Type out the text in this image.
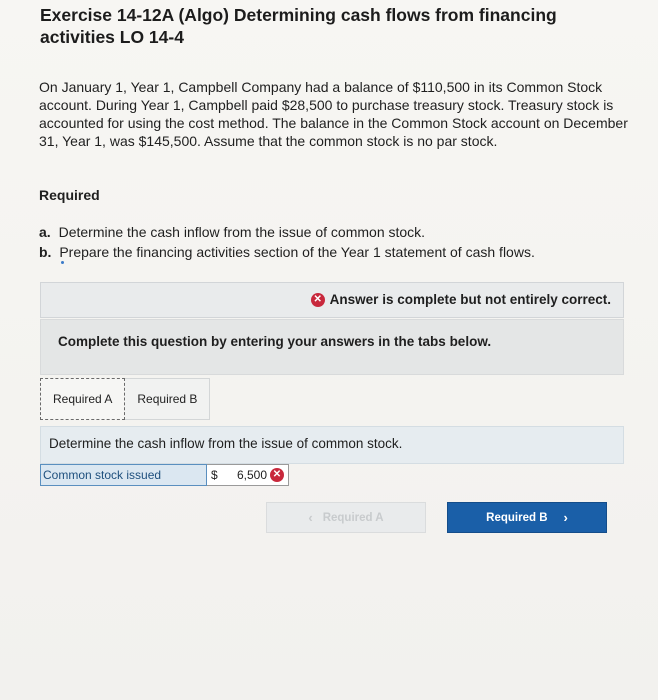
Exercise 14-12A (Algo) Determining cash flows from financing activities LO 14-4
On January 1, Year 1, Campbell Company had a balance of $110,500 in its Common Stock account. During Year 1, Campbell paid $28,500 to purchase treasury stock. Treasury stock is accounted for using the cost method. The balance in the Common Stock account on December 31, Year 1, was $145,500. Assume that the common stock is no par stock.
Required
a. Determine the cash inflow from the issue of common stock.
b. Prepare the financing activities section of the Year 1 statement of cash flows.
✕ Answer is complete but not entirely correct.
Complete this question by entering your answers in the tabs below.
Required A	Required B
Determine the cash inflow from the issue of common stock.
Common stock issued	$	6,500 ✕
‹ Required A	Required B ›
